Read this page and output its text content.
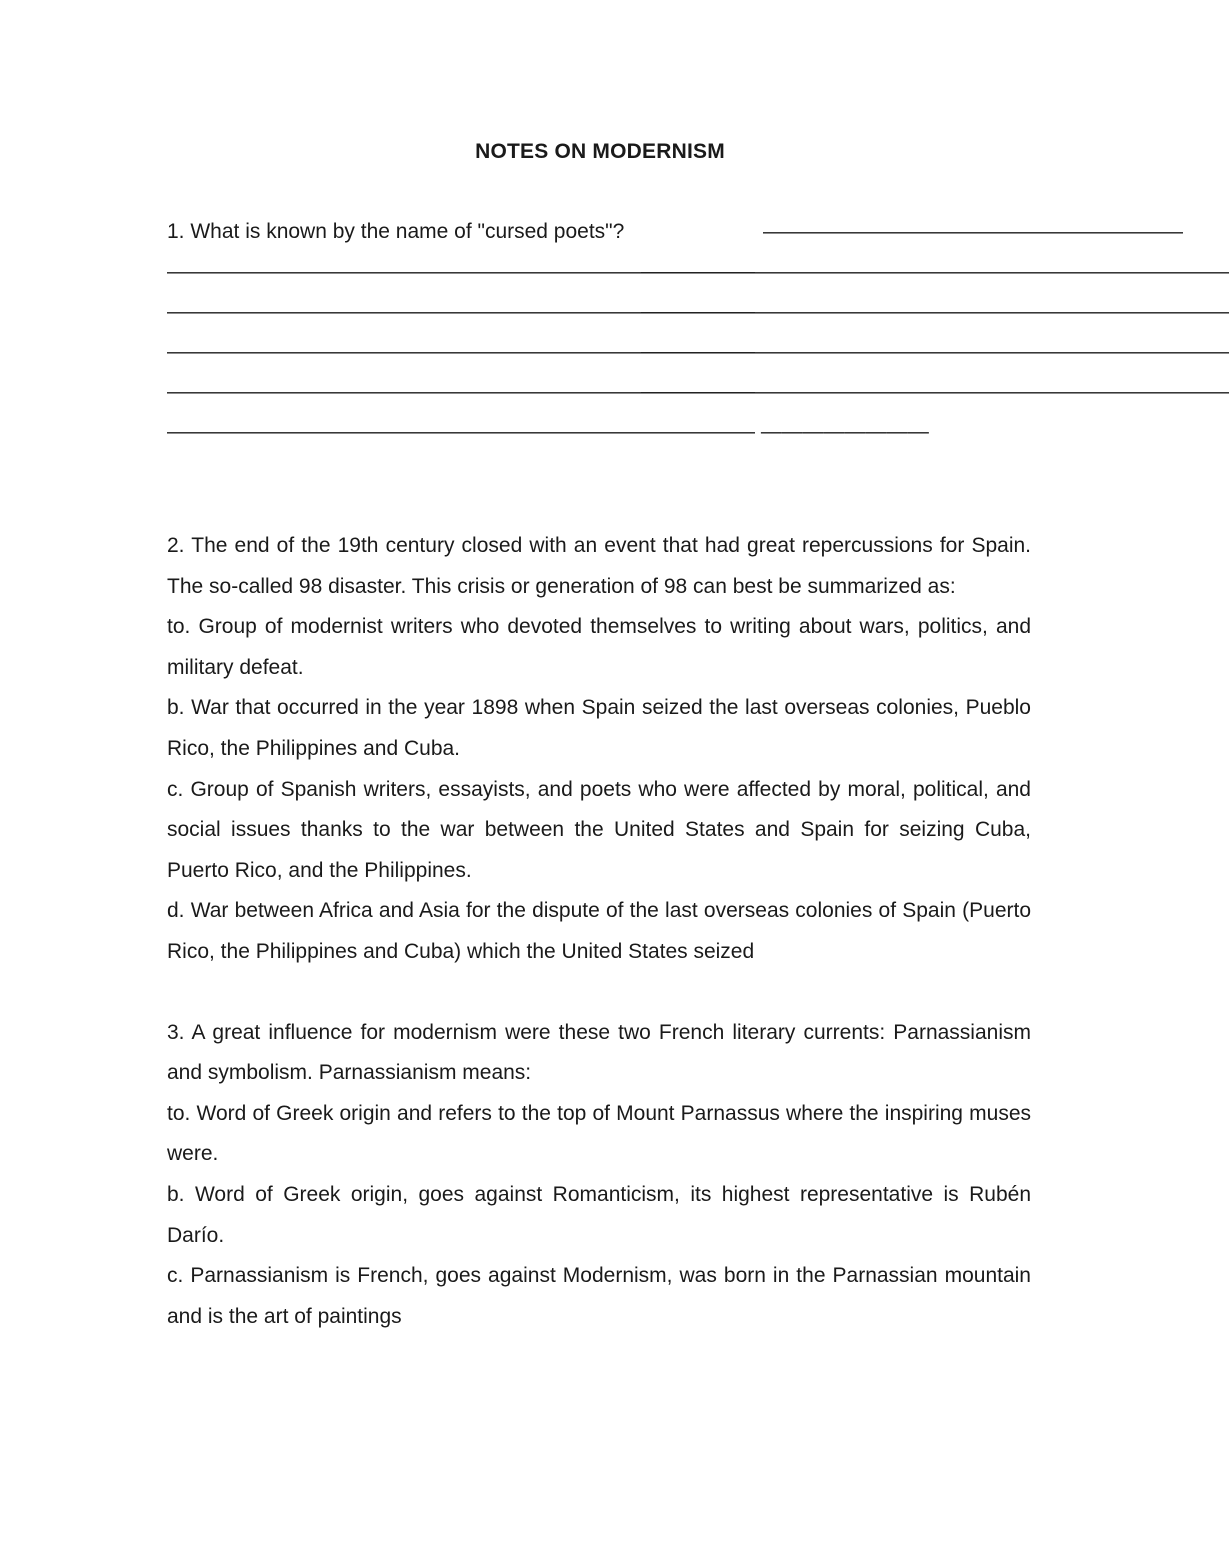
NOTES ON MODERNISM
1. What is known by the name of "cursed poets"?	————————————————————
————————————————————————————
————————————————————————————
————————————————————————————
————————————————————————————
————————————————————————————
————————————————————————————
————————————————————————————
————————————————————————————
———————————————————————————— ————————

2. The end of the 19th century closed with an event that had great repercussions for Spain. The so-called 98 disaster. This crisis or generation of 98 can best be summarized as:

to. Group of modernist writers who devoted themselves to writing about wars, politics, and military defeat.

b. War that occurred in the year 1898 when Spain seized the last overseas colonies, Pueblo Rico, the Philippines and Cuba.

c. Group of Spanish writers, essayists, and poets who were affected by moral, political, and social issues thanks to the war between the United States and Spain for seizing Cuba, Puerto Rico, and the Philippines.

d. War between Africa and Asia for the dispute of the last overseas colonies of Spain (Puerto Rico, the Philippines and Cuba) which the United States seized

3. A great influence for modernism were these two French literary currents: Parnassianism and symbolism. Parnassianism means:

to. Word of Greek origin and refers to the top of Mount Parnassus where the inspiring muses were.

b. Word of Greek origin, goes against Romanticism, its highest representative is Rubén Darío.

c. Parnassianism is French, goes against Modernism, was born in the Parnassian mountain and is the art of paintings
